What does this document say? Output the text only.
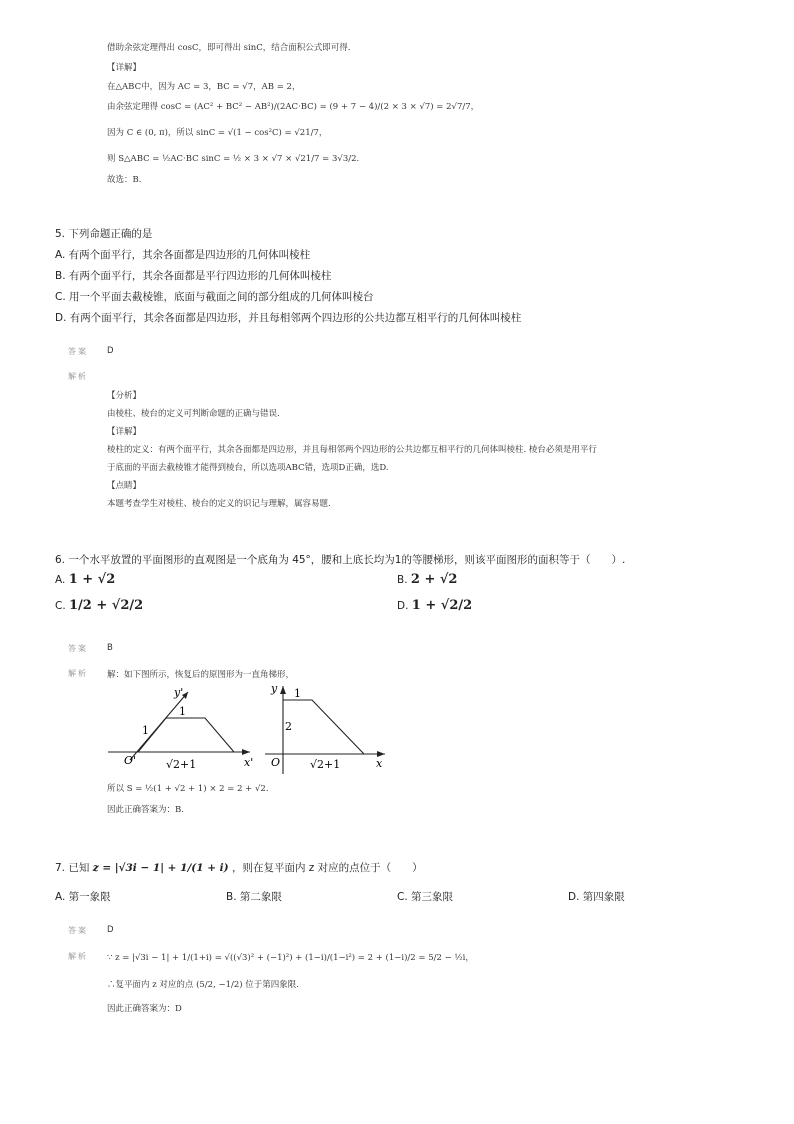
借助余弦定理得出 cosC，即可得出 sinC，结合面积公式即可得.
【详解】
在△ABC中，因为 AC = 3，BC = √7，AB = 2，
由余弦定理得 cosC = (AC² + BC² − AB²)/(2AC·BC) = (9 + 7 − 4)/(2 × 3 × √7) = 2√7/7，
因为 C ∈ (0, π)，所以 sinC = √(1 − cos²C) = √21/7，
则 S△ABC = ½AC·BC sinC = ½ × 3 × √7 × √21/7 = 3√3/2.
故选：B.
5. 下列命题正确的是
A. 有两个面平行，其余各面都是四边形的几何体叫棱柱
B. 有两个面平行，其余各面都是平行四边形的几何体叫棱柱
C. 用一个平面去截棱锥，底面与截面之间的部分组成的几何体叫棱台
D. 有两个面平行，其余各面都是四边形，并且每相邻两个四边形的公共边都互相平行的几何体叫棱柱
答案 D
解析
【分析】
由棱柱、棱台的定义可判断命题的正确与错误.
【详解】
棱柱的定义：有两个面平行，其余各面都是四边形，并且每相邻两个四边形的公共边都互相平行的几何体叫棱柱. 棱台必须是用平行
于底面的平面去截棱锥才能得到棱台，所以选项ABC错，选项D正确，选D.
【点睛】
本题考查学生对棱柱、棱台的定义的识记与理解，属容易题.
6. 一个水平放置的平面图形的直观图是一个底角为 45°，腰和上底长均为1的等腰梯形，则该平面图形的面积等于（　　）.
A. 1 + √2	B. 2 + √2
C. 1/2 + √2/2	D. 1 + √2/2
答案 B
解析 解：如下图所示，恢复后的原图形为一直角梯形，
y'
x'
O'
1
1
√2+1
y
x
O
2
1
√2+1
所以 S = ½(1 + √2 + 1) × 2 = 2 + √2.
因此正确答案为：B.
7. 已知 z = |√3i − 1| + 1/(1 + i) ，则在复平面内 z 对应的点位于（　　）
A. 第一象限	B. 第二象限	C. 第三象限	D. 第四象限
答案 D
解析 ∵ z = |√3i − 1| + 1/(1+i) = √((√3)² + (−1)²) + (1−i)/(1−i²) = 2 + (1−i)/2 = 5/2 − ½i，
∴复平面内 z 对应的点 (5/2, −1/2) 位于第四象限.
因此正确答案为：D
